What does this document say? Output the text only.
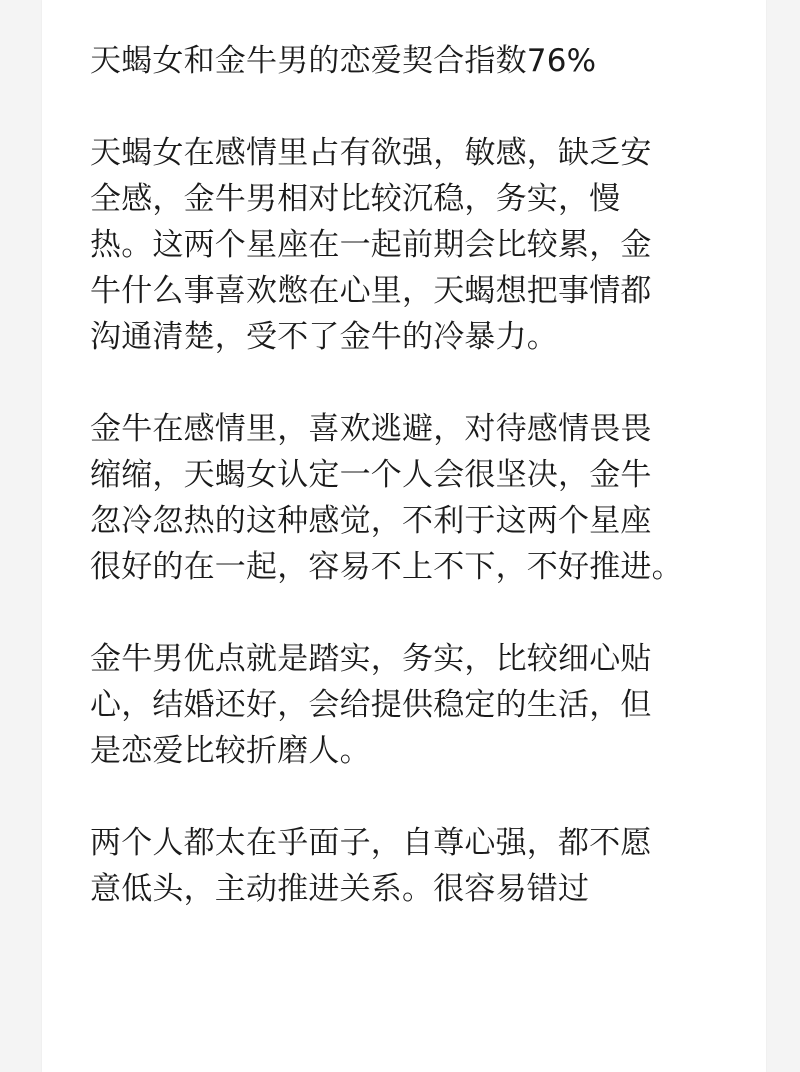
天蝎女和金牛男的恋爱契合指数76%
天蝎女在感情里占有欲强，敏感，缺乏安
全感，金牛男相对比较沉稳，务实，慢
热。这两个星座在一起前期会比较累，金
牛什么事喜欢憋在心里，天蝎想把事情都
沟通清楚，受不了金牛的冷暴力。
金牛在感情里，喜欢逃避，对待感情畏畏
缩缩，天蝎女认定一个人会很坚决，金牛
忽冷忽热的这种感觉，不利于这两个星座
很好的在一起，容易不上不下，不好推进。
金牛男优点就是踏实，务实，比较细心贴
心，结婚还好，会给提供稳定的生活，但
是恋爱比较折磨人。
两个人都太在乎面子，自尊心强，都不愿
意低头，主动推进关系。很容易错过
